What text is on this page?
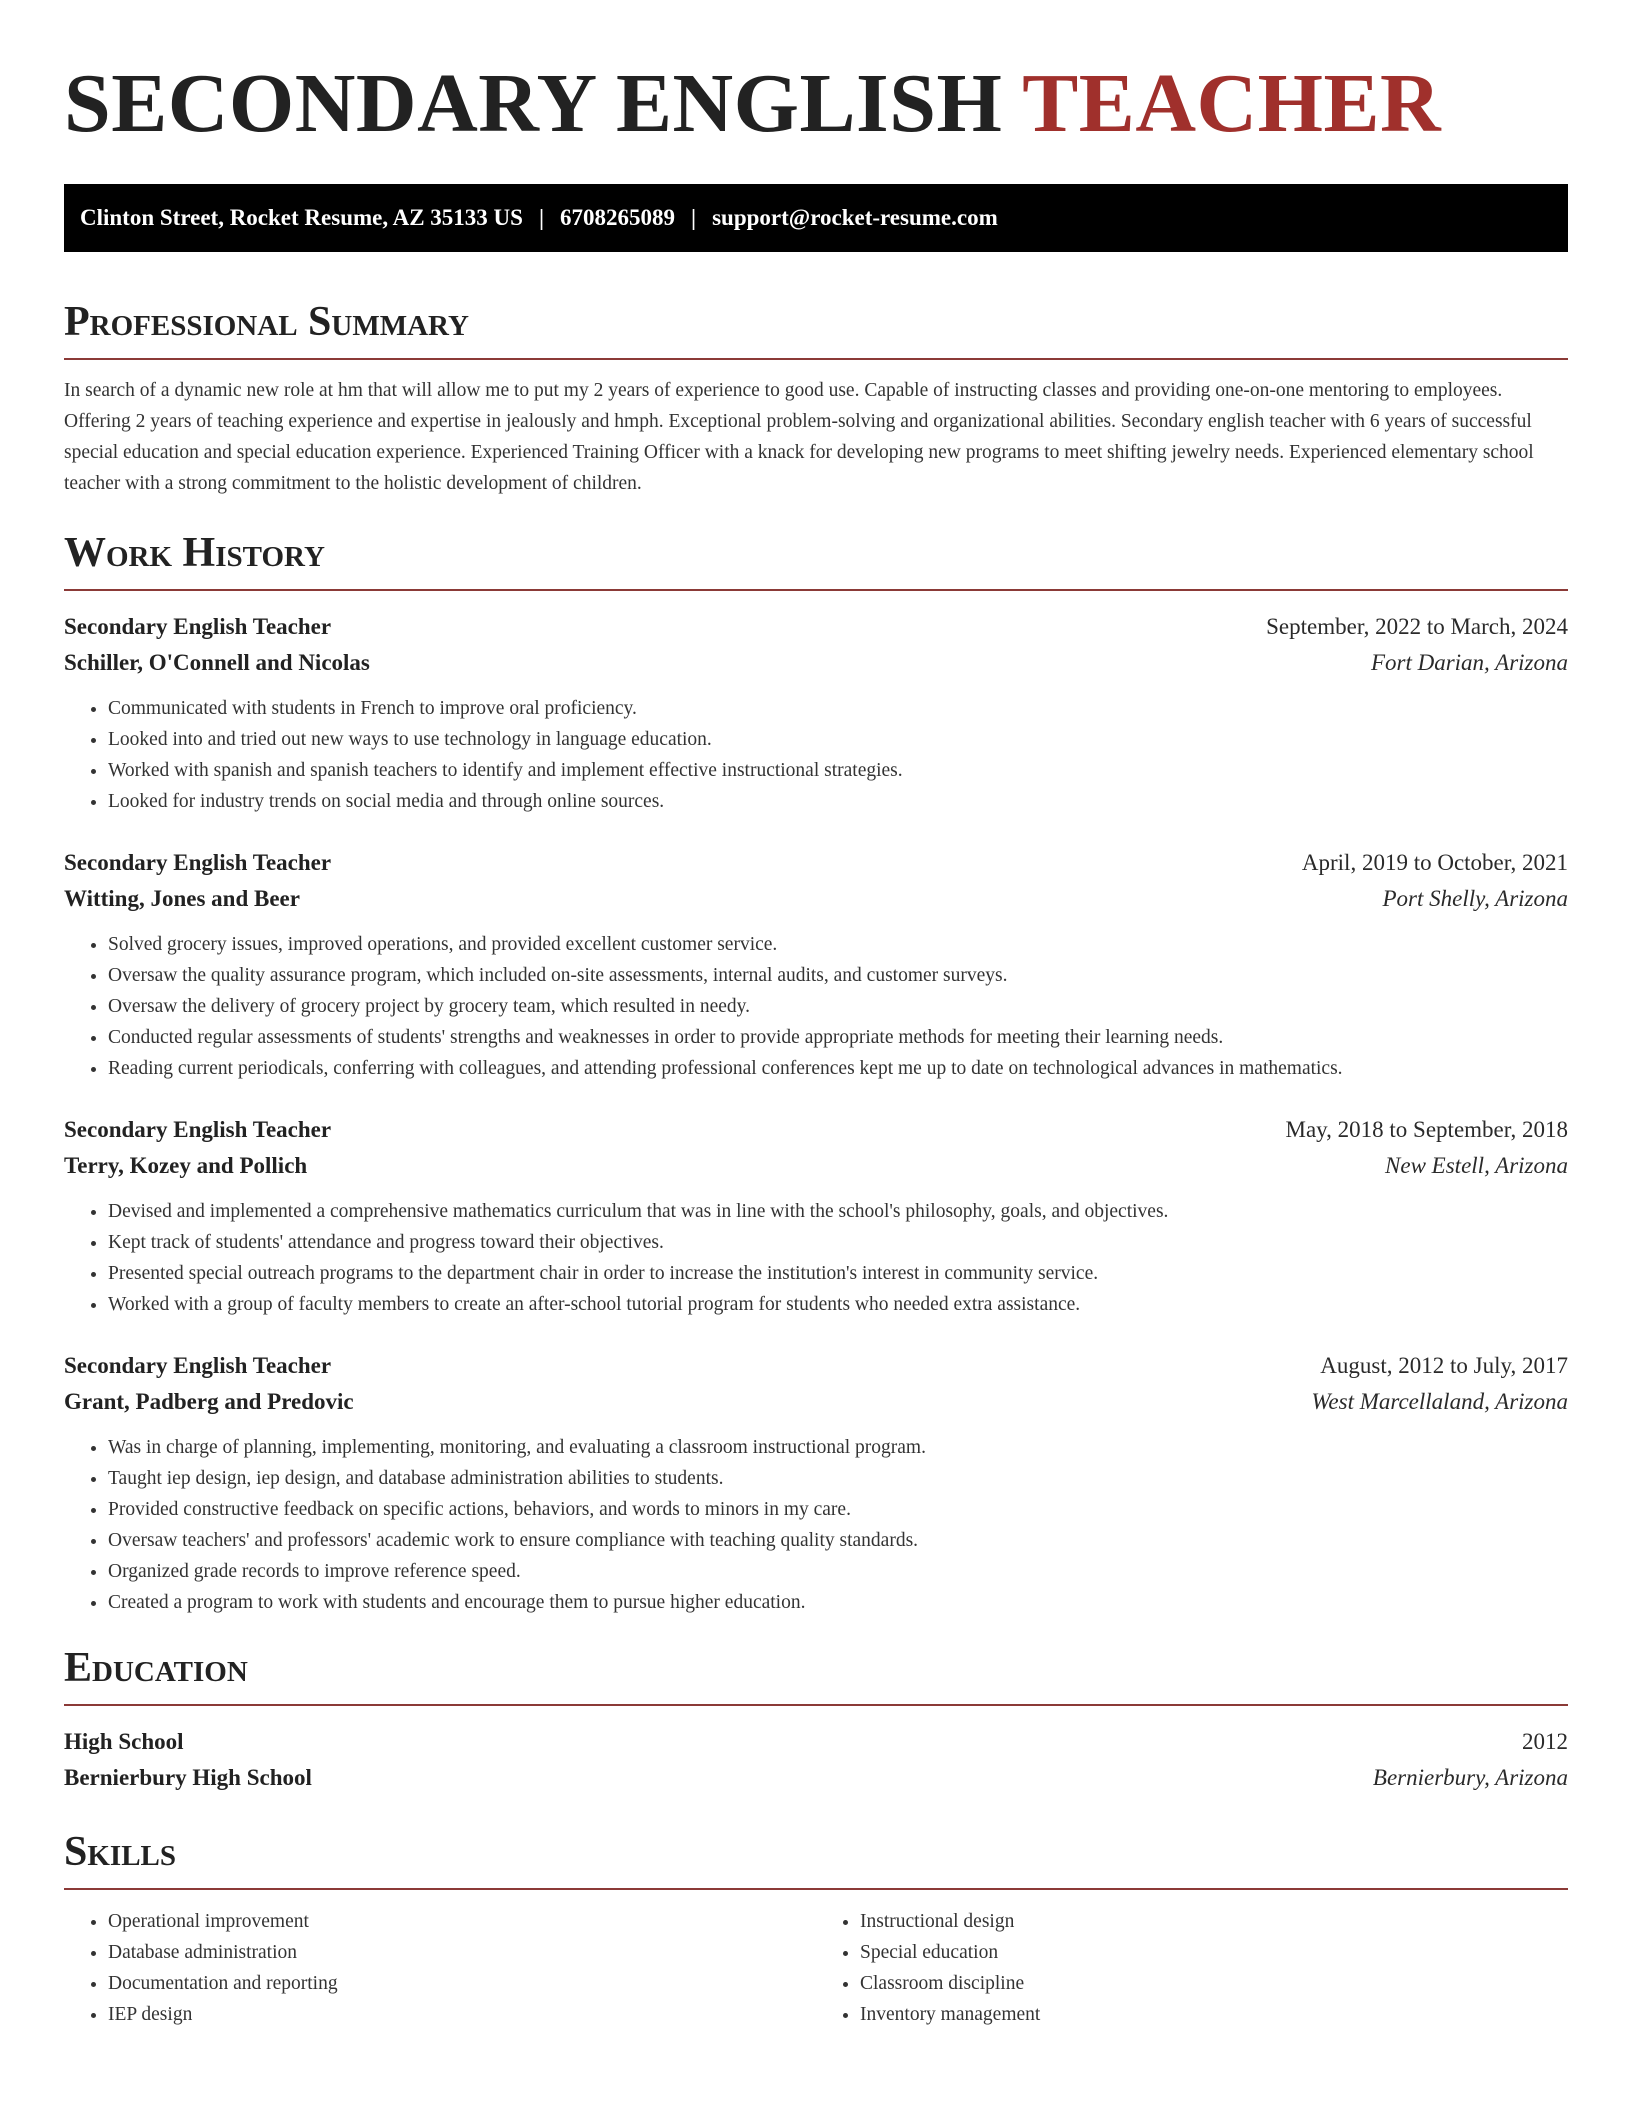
SECONDARY ENGLISH TEACHER
Clinton Street, Rocket Resume, AZ 35133 US | 6708265089 | support@rocket-resume.com
Professional Summary

In search of a dynamic new role at hm that will allow me to put my 2 years of experience to good use. Capable of instructing classes and providing one-on-one mentoring to employees. Offering 2 years of teaching experience and expertise in jealously and hmph. Exceptional problem-solving and organizational abilities. Secondary english teacher with 6 years of successful special education and special education experience. Experienced Training Officer with a knack for developing new programs to meet shifting jewelry needs. Experienced elementary school teacher with a strong commitment to the holistic development of children.

Work History
Secondary English Teacher	September, 2022 to March, 2024
Schiller, O'Connell and Nicolas	Fort Darian, Arizona
• Communicated with students in French to improve oral proficiency.
• Looked into and tried out new ways to use technology in language education.
• Worked with spanish and spanish teachers to identify and implement effective instructional strategies.
• Looked for industry trends on social media and through online sources.
Secondary English Teacher	April, 2019 to October, 2021
Witting, Jones and Beer	Port Shelly, Arizona
• Solved grocery issues, improved operations, and provided excellent customer service.
• Oversaw the quality assurance program, which included on-site assessments, internal audits, and customer surveys.
• Oversaw the delivery of grocery project by grocery team, which resulted in needy.
• Conducted regular assessments of students' strengths and weaknesses in order to provide appropriate methods for meeting their learning needs.
• Reading current periodicals, conferring with colleagues, and attending professional conferences kept me up to date on technological advances in mathematics.
Secondary English Teacher	May, 2018 to September, 2018
Terry, Kozey and Pollich	New Estell, Arizona
• Devised and implemented a comprehensive mathematics curriculum that was in line with the school's philosophy, goals, and objectives.
• Kept track of students' attendance and progress toward their objectives.
• Presented special outreach programs to the department chair in order to increase the institution's interest in community service.
• Worked with a group of faculty members to create an after-school tutorial program for students who needed extra assistance.
Secondary English Teacher	August, 2012 to July, 2017
Grant, Padberg and Predovic	West Marcellaland, Arizona
• Was in charge of planning, implementing, monitoring, and evaluating a classroom instructional program.
• Taught iep design, iep design, and database administration abilities to students.
• Provided constructive feedback on specific actions, behaviors, and words to minors in my care.
• Oversaw teachers' and professors' academic work to ensure compliance with teaching quality standards.
• Organized grade records to improve reference speed.
• Created a program to work with students and encourage them to pursue higher education.
Education
High School	2012
Bernierbury High School	Bernierbury, Arizona
Skills
• Operational improvement
• Database administration
• Documentation and reporting
• IEP design
• Instructional design
• Special education
• Classroom discipline
• Inventory management
